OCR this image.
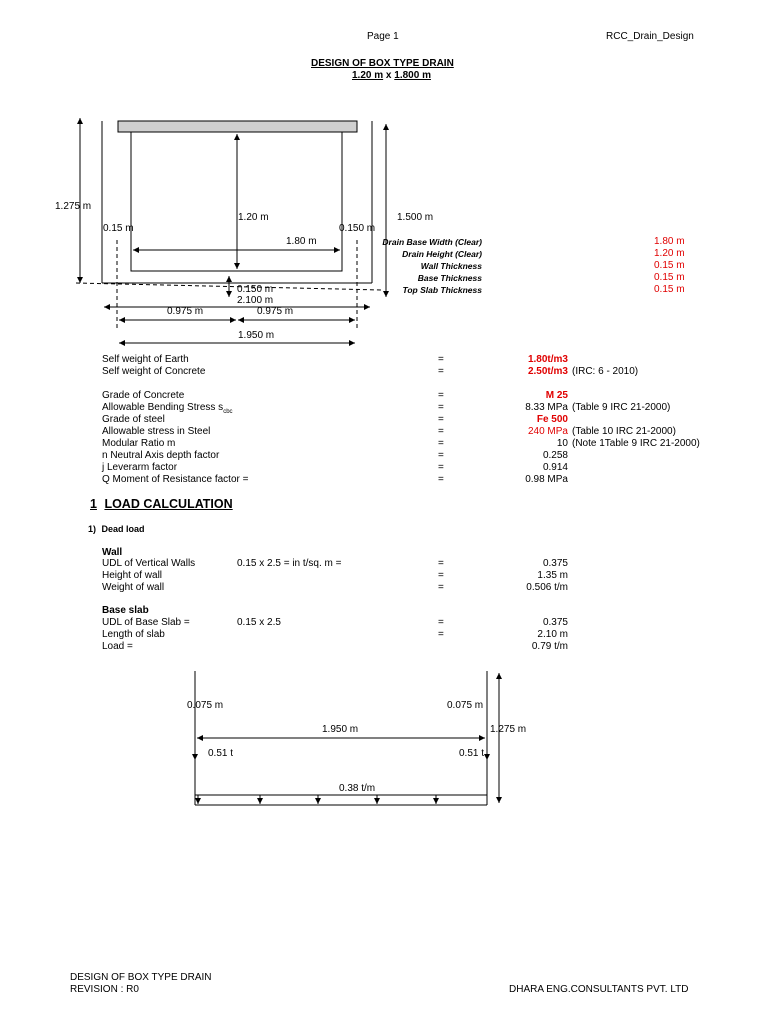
Page 1	RCC_Drain_Design
DESIGN OF BOX TYPE DRAIN
1.20 m x 1.800 m
1.275 m
1.20 m	1.500 m
0.15 m	0.150 m
1.80 m
0.150 m
2.100 m
0.975 m	0.975 m
1.950 m
Drain Base Width (Clear)	1.80 m
Drain Height (Clear)	1.20 m
Wall Thickness	0.15 m
Base Thickness	0.15 m
Top Slab Thickness	0.15 m
Self weight of Earth	=	1.80t/m3
Self weight of Concrete	=	2.50t/m3 (IRC: 6 - 2010)
Grade of Concrete	=	M 25
Allowable Bending Stress $s_{cbc}$	=	8.33 MPa (Table 9 IRC 21-2000)
Grade of steel	=	Fe 500
Allowable stress in Steel	=	240 MPa (Table 10 IRC 21-2000)
Modular Ratio m	=	10 (Note 1Table 9 IRC 21-2000)
n Neutral Axis depth factor	=	0.258
j Leverarm factor	=	0.914
Q Moment of Resistance factor =	=	0.98 MPa
1 LOAD CALCULATION
1) Dead load
Wall
UDL of Vertical Walls	0.15 x 2.5 = in t/sq. m =	=	0.375
Height of wall	=	1.35 m
Weight of wall	=	0.506 t/m
Base slab
UDL of Base Slab =	0.15 x 2.5	=	0.375
Length of slab	=	2.10 m
Load =	0.79 t/m
0.075 m	0.075 m
1.950 m	1.275 m
0.51 t	0.51 t
0.38 t/m
DESIGN OF BOX TYPE DRAIN
REVISION : R0	DHARA ENG.CONSULTANTS PVT. LTD
